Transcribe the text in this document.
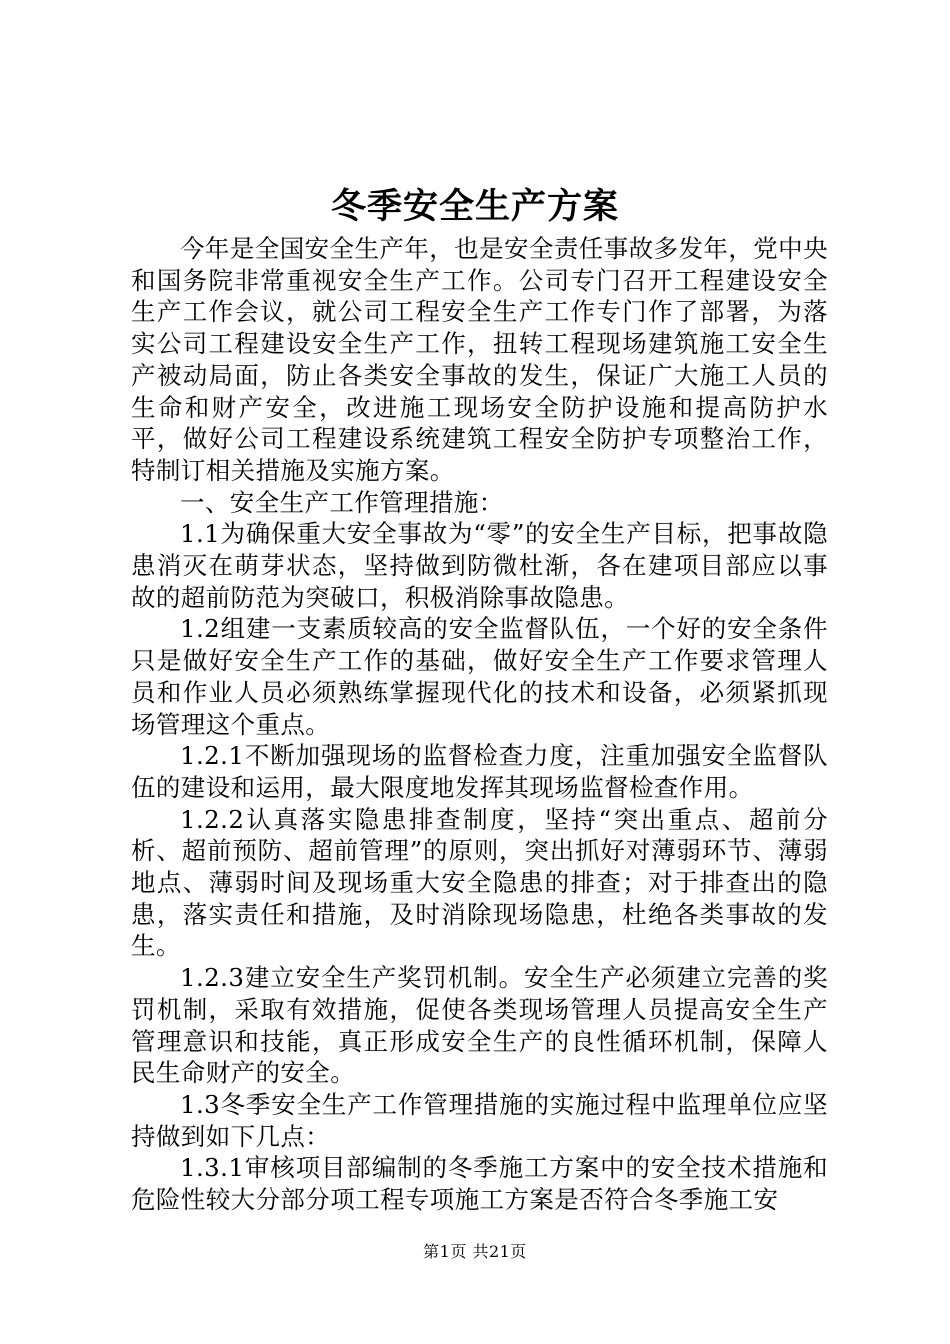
冬季安全生产方案

今年是全国安全生产年，也是安全责任事故多发年，党中央和国务院非常重视安全生产工作。公司专门召开工程建设安全生产工作会议，就公司工程安全生产工作专门作了部署，为落实公司工程建设安全生产工作，扭转工程现场建筑施工安全生产被动局面，防止各类安全事故的发生，保证广大施工人员的生命和财产安全，改进施工现场安全防护设施和提高防护水平，做好公司工程建设系统建筑工程安全防护专项整治工作，特制订相关措施及实施方案。

一、安全生产工作管理措施：

1.1为确保重大安全事故为“零”的安全生产目标，把事故隐患消灭在萌芽状态，坚持做到防微杜渐，各在建项目部应以事故的超前防范为突破口，积极消除事故隐患。

1.2组建一支素质较高的安全监督队伍，一个好的安全条件只是做好安全生产工作的基础，做好安全生产工作要求管理人员和作业人员必须熟练掌握现代化的技术和设备，必须紧抓现场管理这个重点。

1.2.1不断加强现场的监督检查力度，注重加强安全监督队伍的建设和运用，最大限度地发挥其现场监督检查作用。

1.2.2认真落实隐患排查制度，坚持“突出重点、超前分析、超前预防、超前管理”的原则，突出抓好对薄弱环节、薄弱地点、薄弱时间及现场重大安全隐患的排查；对于排查出的隐患，落实责任和措施，及时消除现场隐患，杜绝各类事故的发生。

1.2.3建立安全生产奖罚机制。安全生产必须建立完善的奖罚机制，采取有效措施，促使各类现场管理人员提高安全生产管理意识和技能，真正形成安全生产的良性循环机制，保障人民生命财产的安全。

1.3冬季安全生产工作管理措施的实施过程中监理单位应坚持做到如下几点：

1.3.1审核项目部编制的冬季施工方案中的安全技术措施和危险性较大分部分项工程专项施工方案是否符合冬季施工安

第1页 共21页
